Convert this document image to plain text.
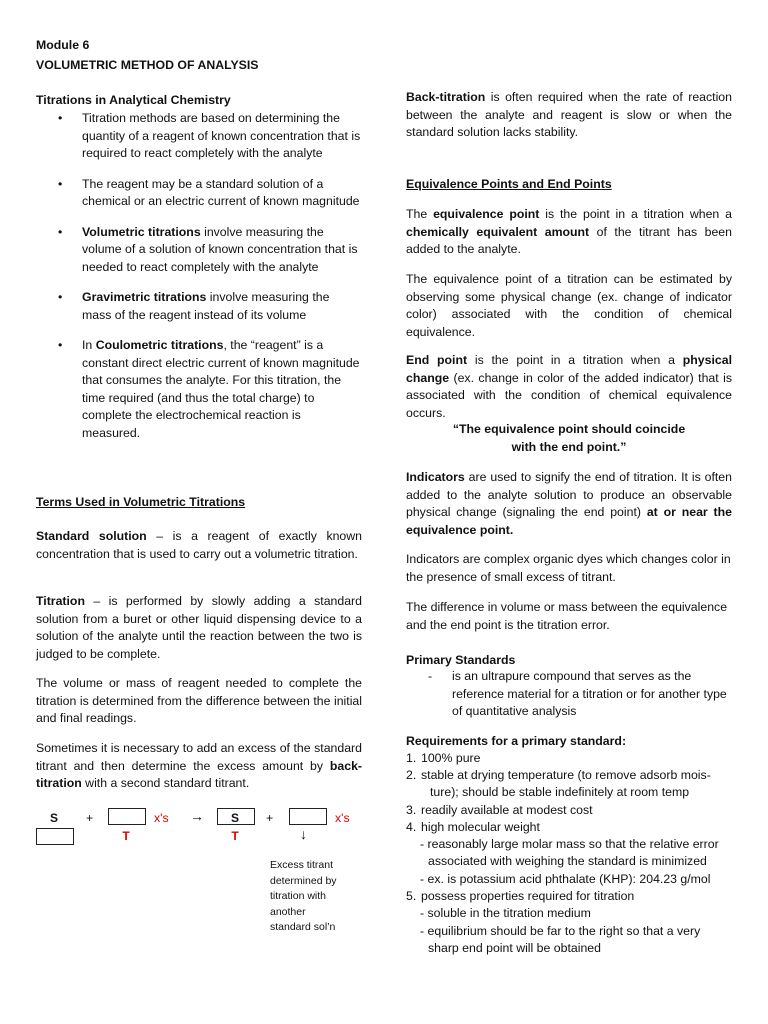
Module 6
VOLUMETRIC METHOD OF ANALYSIS
Titrations in Analytical Chemistry
• Titration methods are based on determining the quantity of a reagent of known concentration that is required to react completely with the analyte
• The reagent may be a standard solution of a chemical or an electric current of known magnitude
• Volumetric titrations involve measuring the volume of a solution of known concentration that is needed to react completely with the analyte
• Gravimetric titrations involve measuring the mass of the reagent instead of its volume
• In Coulometric titrations, the “reagent” is a constant direct electric current of known magnitude that consumes the analyte. For this titration, the time required (and thus the total charge) to complete the electrochemical reaction is measured.
Terms Used in Volumetric Titrations

Standard solution – is a reagent of exactly known concentration that is used to carry out a volumetric titration.

Titration – is performed by slowly adding a standard solution from a buret or other liquid dispensing device to a solution of the analyte until the reaction between the two is judged to be complete.

The volume or mass of reagent needed to complete the titration is determined from the difference between the initial and final readings.

Sometimes it is necessary to add an excess of the standard titrant and then determine the excess amount by back-titration with a second standard titrant.

S	+
T
x's →	S
T
+	x's
↓
Excess titrant
determined by
titration with
another
standard sol’n

Back-titration is often required when the rate of reaction between the analyte and reagent is slow or when the standard solution lacks stability.

Equivalence Points and End Points

The equivalence point is the point in a titration when a chemically equivalent amount of the titrant has been added to the analyte.

The equivalence point of a titration can be estimated by observing some physical change (ex. change of indicator color) associated with the condition of chemical equivalence.

End point is the point in a titration when a physical change (ex. change in color of the added indicator) that is associated with the condition of chemical equivalence occurs.

“The equivalence point should coincide
with the end point.”

Indicators are used to signify the end of titration. It is often added to the analyte solution to produce an observable physical change (signaling the end point) at or near the equivalence point.

Indicators are complex organic dyes which changes color in the presence of small excess of titrant.

The difference in volume or mass between the equivalence and the end point is the titration error.

Primary Standards
- is an ultrapure compound that serves as the reference material for a titration or for another type of quantitative analysis

Requirements for a primary standard:
1. 100% pure
2. stable at drying temperature (to remove adsorb mois-
ture); should be stable indefinitely at room temp
3. readily available at modest cost
4. high molecular weight
- reasonably large molar mass so that the relative error
associated with weighing the standard is minimized
- ex. is potassium acid phthalate (KHP): 204.23 g/mol
5. possess properties required for titration
- soluble in the titration medium
- equilibrium should be far to the right so that a very
sharp end point will be obtained
